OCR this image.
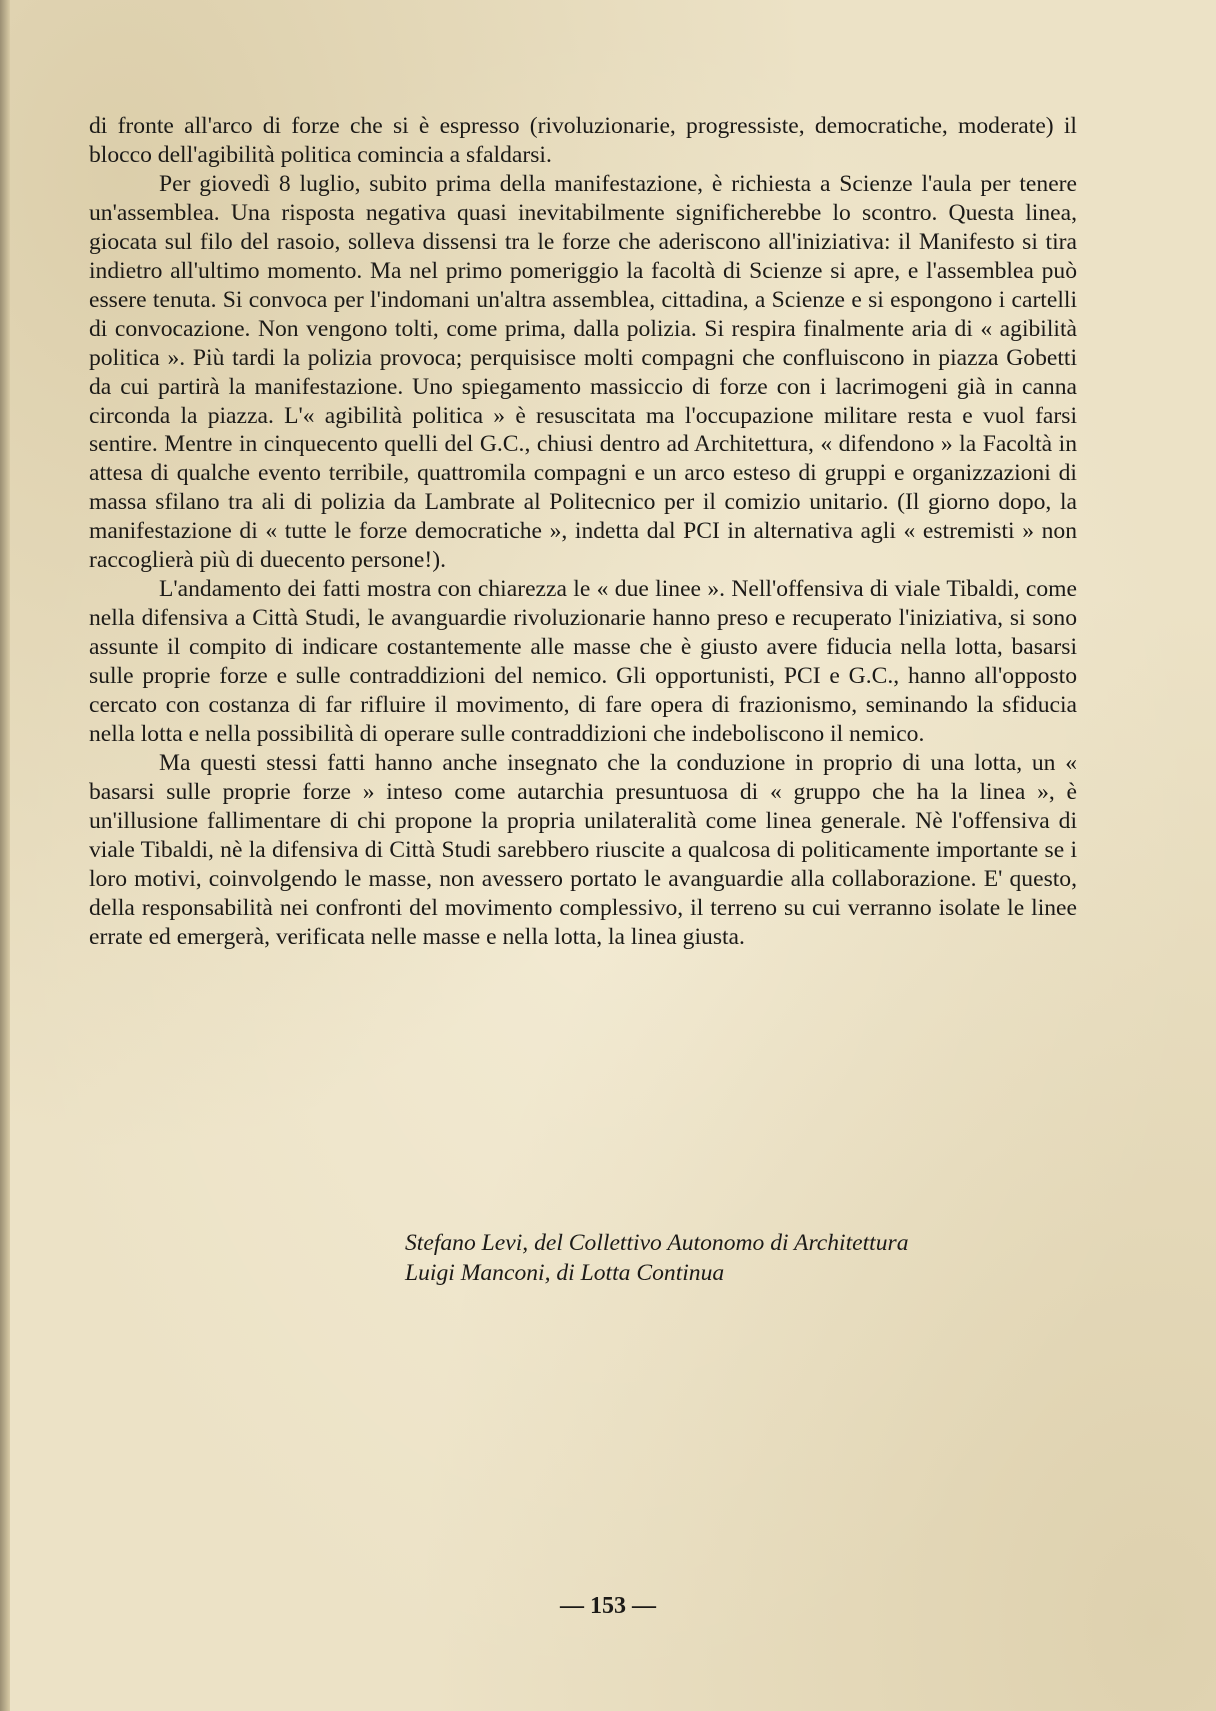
di fronte all'arco di forze che si è espresso (rivoluzionarie, progressiste, democratiche, moderate) il blocco dell'agibilità politica comincia a sfaldarsi.

Per giovedì 8 luglio, subito prima della manifestazione, è richiesta a Scienze l'aula per tenere un'assemblea. Una risposta negativa quasi inevitabilmente significherebbe lo scontro. Questa linea, giocata sul filo del rasoio, solleva dissensi tra le forze che aderiscono all'iniziativa: il Manifesto si tira indietro all'ultimo momento. Ma nel primo pomeriggio la facoltà di Scienze si apre, e l'assemblea può essere tenuta. Si convoca per l'indomani un'altra assemblea, cittadina, a Scienze e si espongono i cartelli di convocazione. Non vengono tolti, come prima, dalla polizia. Si respira finalmente aria di « agibilità politica ». Più tardi la polizia provoca; perquisisce molti compagni che confluiscono in piazza Gobetti da cui partirà la manifestazione. Uno spiegamento massiccio di forze con i lacrimogeni già in canna circonda la piazza. L'« agibilità politica » è resuscitata ma l'occupazione militare resta e vuol farsi sentire. Mentre in cinquecento quelli del G.C., chiusi dentro ad Architettura, « difendono » la Facoltà in attesa di qualche evento terribile, quattromila compagni e un arco esteso di gruppi e organizzazioni di massa sfilano tra ali di polizia da Lambrate al Politecnico per il comizio unitario. (Il giorno dopo, la manifestazione di « tutte le forze democratiche », indetta dal PCI in alternativa agli « estremisti » non raccoglierà più di duecento persone!).

L'andamento dei fatti mostra con chiarezza le « due linee ». Nell'offensiva di viale Tibaldi, come nella difensiva a Città Studi, le avanguardie rivoluzionarie hanno preso e recuperato l'iniziativa, si sono assunte il compito di indicare costantemente alle masse che è giusto avere fiducia nella lotta, basarsi sulle proprie forze e sulle contraddizioni del nemico. Gli opportunisti, PCI e G.C., hanno all'opposto cercato con costanza di far rifluire il movimento, di fare opera di frazionismo, seminando la sfiducia nella lotta e nella possibilità di operare sulle contraddizioni che indeboliscono il nemico.

Ma questi stessi fatti hanno anche insegnato che la conduzione in proprio di una lotta, un « basarsi sulle proprie forze » inteso come autarchia presuntuosa di « gruppo che ha la linea », è un'illusione fallimentare di chi propone la propria unilateralità come linea generale. Nè l'offensiva di viale Tibaldi, nè la difensiva di Città Studi sarebbero riuscite a qualcosa di politicamente importante se i loro motivi, coinvolgendo le masse, non avessero portato le avanguardie alla collaborazione. E' questo, della responsabilità nei confronti del movimento complessivo, il terreno su cui verranno isolate le linee errate ed emergerà, verificata nelle masse e nella lotta, la linea giusta.

Stefano Levi, del Collettivo Autonomo di Architettura
Luigi Manconi, di Lotta Continua
— 153 —
